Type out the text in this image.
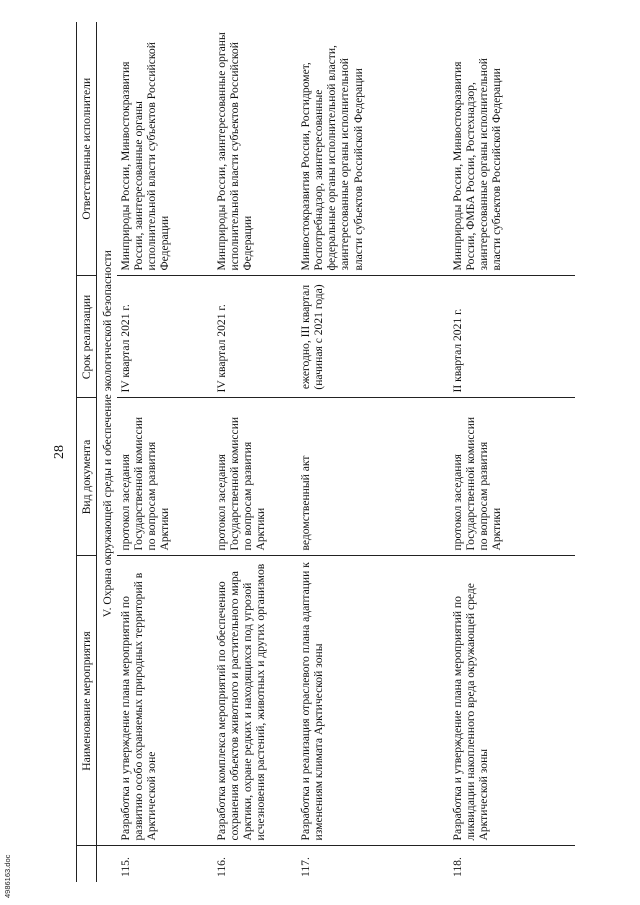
28
	Наименование мероприятия	Вид документа	Срок реализации	Ответственные исполнители
	V. Охрана окружающей среды и обеспечение экологической безопасности			
115.	Разработка и утверждение плана мероприятий по развитию особо охраняемых природных территорий в Арктической зоне	протокол заседания Государственной комиссии по вопросам развития Арктики	IV квартал 2021 г.	Минприроды России, Минвостокразвития России, заинтересованные органы исполнительной власти субъектов Российской Федерации
116.	Разработка комплекса мероприятий по обеспечению сохранения объектов животного и растительного мира Арктики, охране редких и находящихся под угрозой исчезновения растений, животных и других организмов	протокол заседания Государственной комиссии по вопросам развития Арктики	IV квартал 2021 г.	Минприроды России, заинтересованные органы исполнительной власти субъектов Российской Федерации
117.	Разработка и реализация отраслевого плана адаптации к изменениям климата Арктической зоны	ведомственный акт	ежегодно, III квартал (начиная с 2021 года)	Минвостокразвития России, Росгидромет, Роспотребнадзор, заинтересованные федеральные органы исполнительной власти, заинтересованные органы исполнительной власти субъектов Российской Федерации
118.	Разработка и утверждение плана мероприятий по ликвидации накопленного вреда окружающей среде Арктической зоны	протокол заседания Государственной комиссии по вопросам развития Арктики	II квартал 2021 г.	Минприроды России, Минвостокразвития России, ФМБА России, Ростехнадзор, заинтересованные органы исполнительной власти субъектов Российской Федерации
4986163.doc
